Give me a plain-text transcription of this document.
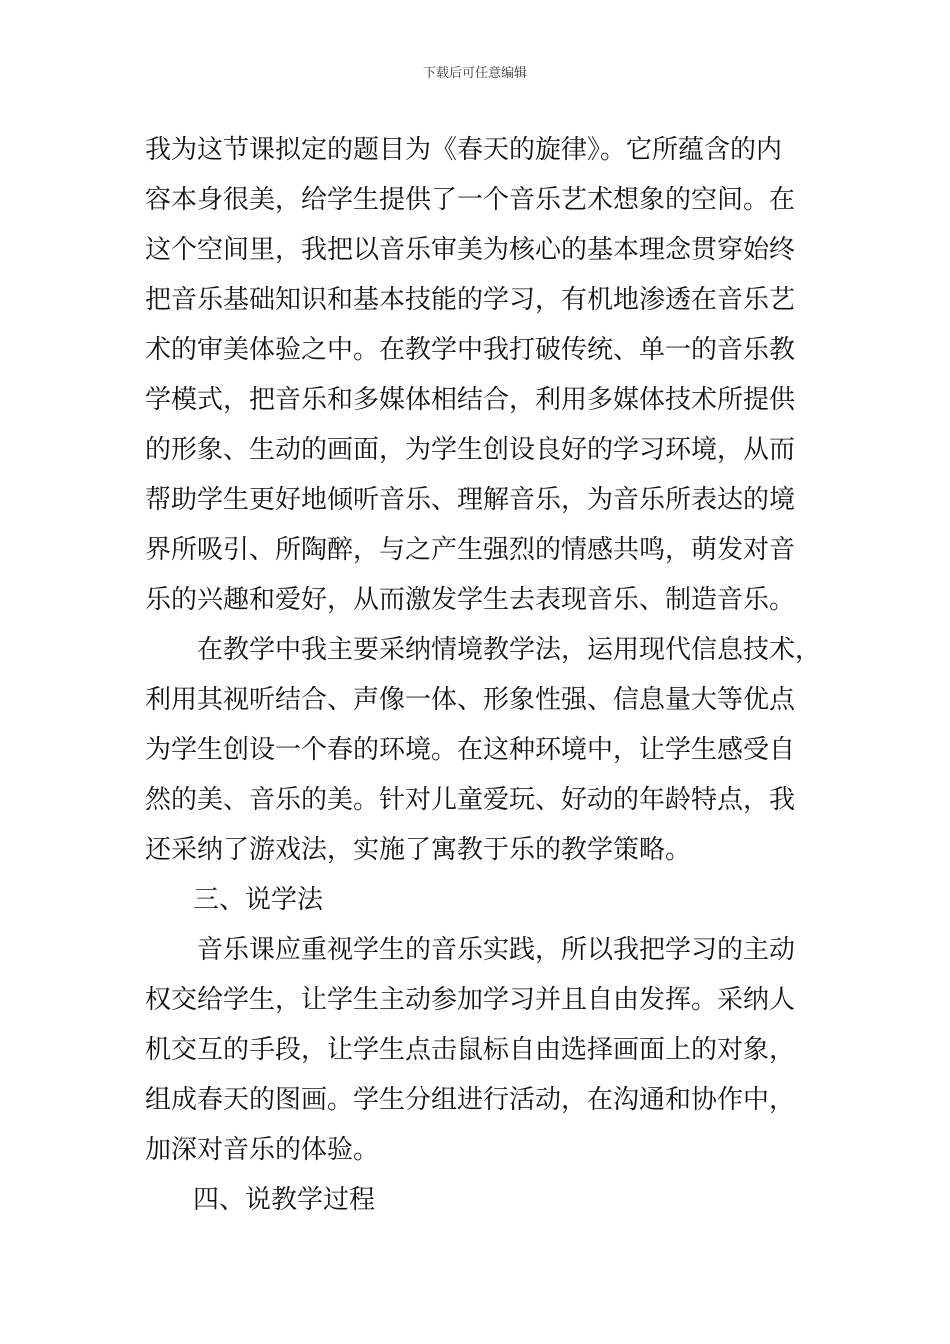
下载后可任意编辑
我为这节课拟定的题目为《春天的旋律》。它所蕴含的内
容本身很美，给学生提供了一个音乐艺术想象的空间。在
这个空间里，我把以音乐审美为核心的基本理念贯穿始终
把音乐基础知识和基本技能的学习，有机地渗透在音乐艺
术的审美体验之中。在教学中我打破传统、单一的音乐教
学模式，把音乐和多媒体相结合，利用多媒体技术所提供
的形象、生动的画面，为学生创设良好的学习环境，从而
帮助学生更好地倾听音乐、理解音乐，为音乐所表达的境
界所吸引、所陶醉，与之产生强烈的情感共鸣，萌发对音
乐的兴趣和爱好，从而激发学生去表现音乐、制造音乐。
在教学中我主要采纳情境教学法，运用现代信息技术，
利用其视听结合、声像一体、形象性强、信息量大等优点
为学生创设一个春的环境。在这种环境中，让学生感受自
然的美、音乐的美。针对儿童爱玩、好动的年龄特点，我
还采纳了游戏法，实施了寓教于乐的教学策略。
三、说学法
音乐课应重视学生的音乐实践，所以我把学习的主动
权交给学生，让学生主动参加学习并且自由发挥。采纳人
机交互的手段，让学生点击鼠标自由选择画面上的对象，
组成春天的图画。学生分组进行活动，在沟通和协作中，
加深对音乐的体验。
四、说教学过程
